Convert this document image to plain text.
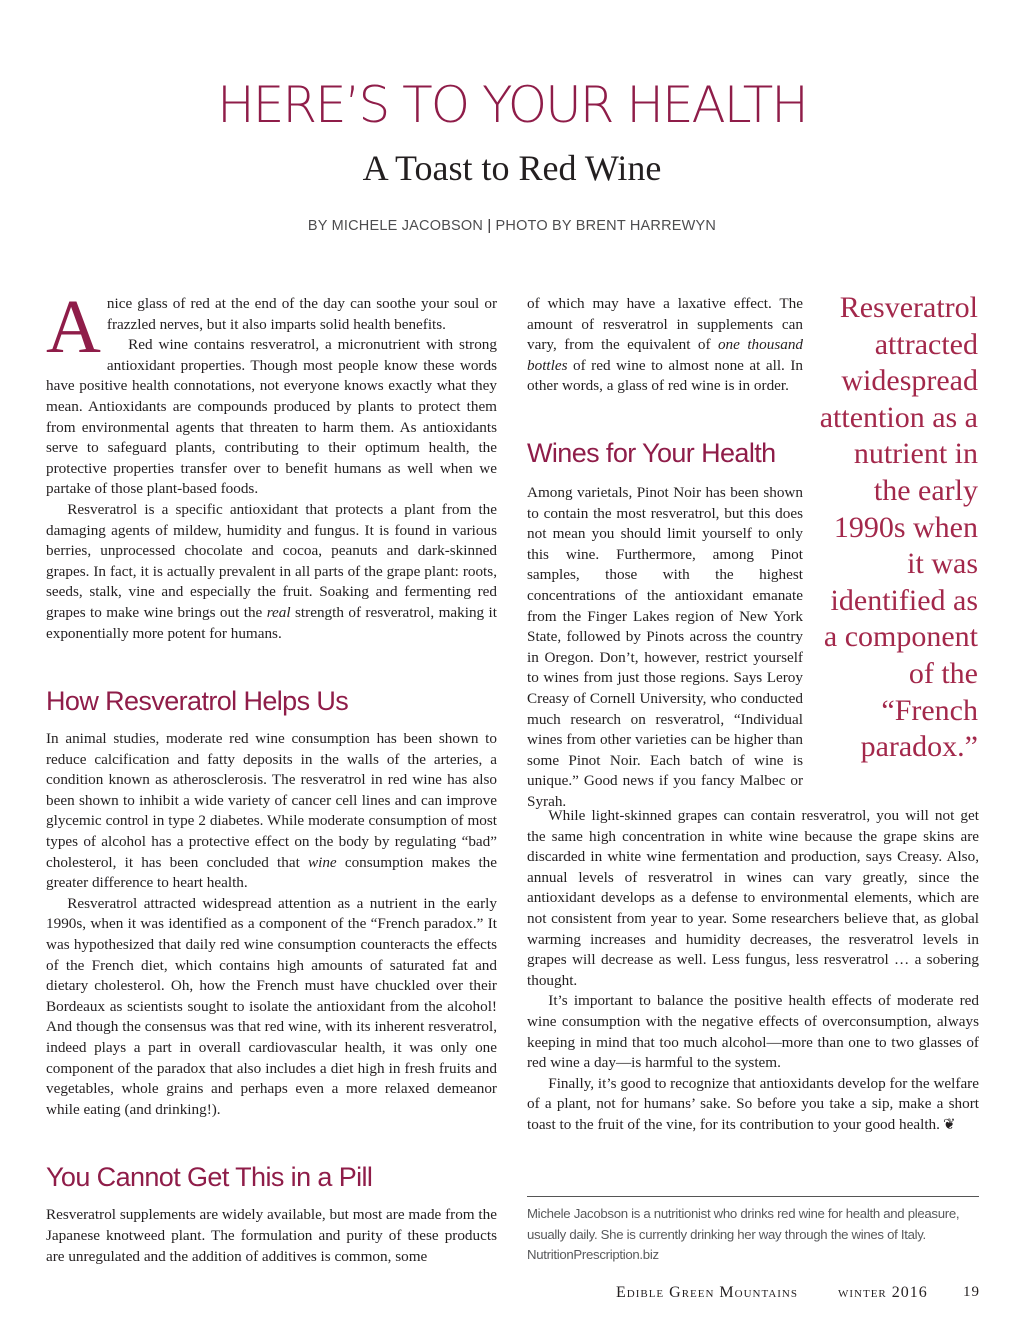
HERE’S TO YOUR HEALTH
A Toast to Red Wine
BY MICHELE JACOBSON | PHOTO BY BRENT HARREWYN

Anice glass of red at the end of the day can soothe your soul or frazzled nerves, but it also imparts solid health benefits.

Red wine contains resveratrol, a micronutrient with strong antioxidant properties. Though most people know these words have positive health connotations, not everyone knows exactly what they mean. Antioxidants are compounds produced by plants to protect them from environmental agents that threaten to harm them. As antioxidants serve to safeguard plants, contributing to their optimum health, the protective properties transfer over to benefit humans as well when we partake of those plant-based foods.

Resveratrol is a specific antioxidant that protects a plant from the damaging agents of mildew, humidity and fungus. It is found in various berries, unprocessed chocolate and cocoa, peanuts and dark-skinned grapes. In fact, it is actually prevalent in all parts of the grape plant: roots, seeds, stalk, vine and especially the fruit. Soaking and fermenting red grapes to make wine brings out the real strength of resveratrol, making it exponentially more potent for humans.

How Resveratrol Helps Us

In animal studies, moderate red wine consumption has been shown to reduce calcification and fatty deposits in the walls of the arteries, a condition known as atherosclerosis. The resveratrol in red wine has also been shown to inhibit a wide variety of cancer cell lines and can improve glycemic control in type 2 diabetes. While moderate consumption of most types of alcohol has a protective effect on the body by regulating “bad” cholesterol, it has been concluded that wine consumption makes the greater difference to heart health.

Resveratrol attracted widespread attention as a nutrient in the early 1990s, when it was identified as a component of the “French paradox.” It was hypothesized that daily red wine consumption counteracts the effects of the French diet, which contains high amounts of saturated fat and dietary cholesterol. Oh, how the French must have chuckled over their Bordeaux as scientists sought to isolate the antioxidant from the alcohol! And though the consensus was that red wine, with its inherent resveratrol, indeed plays a part in overall cardiovascular health, it was only one component of the paradox that also includes a diet high in fresh fruits and vegetables, whole grains and perhaps even a more relaxed demeanor while eating (and drinking!).

You Cannot Get This in a Pill

Resveratrol supplements are widely available, but most are made from the Japanese knotweed plant. The formulation and purity of these products are unregulated and the addition of additives is common, some

of which may have a laxative effect. The amount of resveratrol in supplements can vary, from the equivalent of one thousand bottles of red wine to almost none at all. In other words, a glass of red wine is in order.

Wines for Your Health

Among varietals, Pinot Noir has been shown to contain the most resveratrol, but this does not mean you should limit yourself to only this wine. Furthermore, among Pinot samples, those with the highest concentrations of the antioxidant emanate from the Finger Lakes region of New York State, followed by Pinots across the country in Oregon. Don’t, however, restrict yourself to wines from just those regions. Says Leroy Creasy of Cornell University, who conducted much research on resveratrol, “Individual wines from other varieties can be higher than some Pinot Noir. Each batch of wine is unique.” Good news if you fancy Malbec or Syrah.

Resveratrol attracted widespread attention as a nutrient in the early 1990s when it was identified as a component of the “French paradox.”

While light-skinned grapes can contain resveratrol, you will not get the same high concentration in white wine because the grape skins are discarded in white wine fermentation and production, says Creasy. Also, annual levels of resveratrol in wines can vary greatly, since the antioxidant develops as a defense to environmental elements, which are not consistent from year to year. Some researchers believe that, as global warming increases and humidity decreases, the resveratrol levels in grapes will decrease as well. Less fungus, less resveratrol … a sobering thought.

It’s important to balance the positive health effects of moderate red wine consumption with the negative effects of overconsumption, always keeping in mind that too much alcohol—more than one to two glasses of red wine a day—is harmful to the system.

Finally, it’s good to recognize that antioxidants develop for the welfare of a plant, not for humans’ sake. So before you take a sip, make a short toast to the fruit of the vine, for its contribution to your good health. ❦

Michele Jacobson is a nutritionist who drinks red wine for health and pleasure, usually daily. She is currently drinking her way through the wines of Italy.
NutritionPrescription.biz
Edible Green Mountains	winter 2016 19
